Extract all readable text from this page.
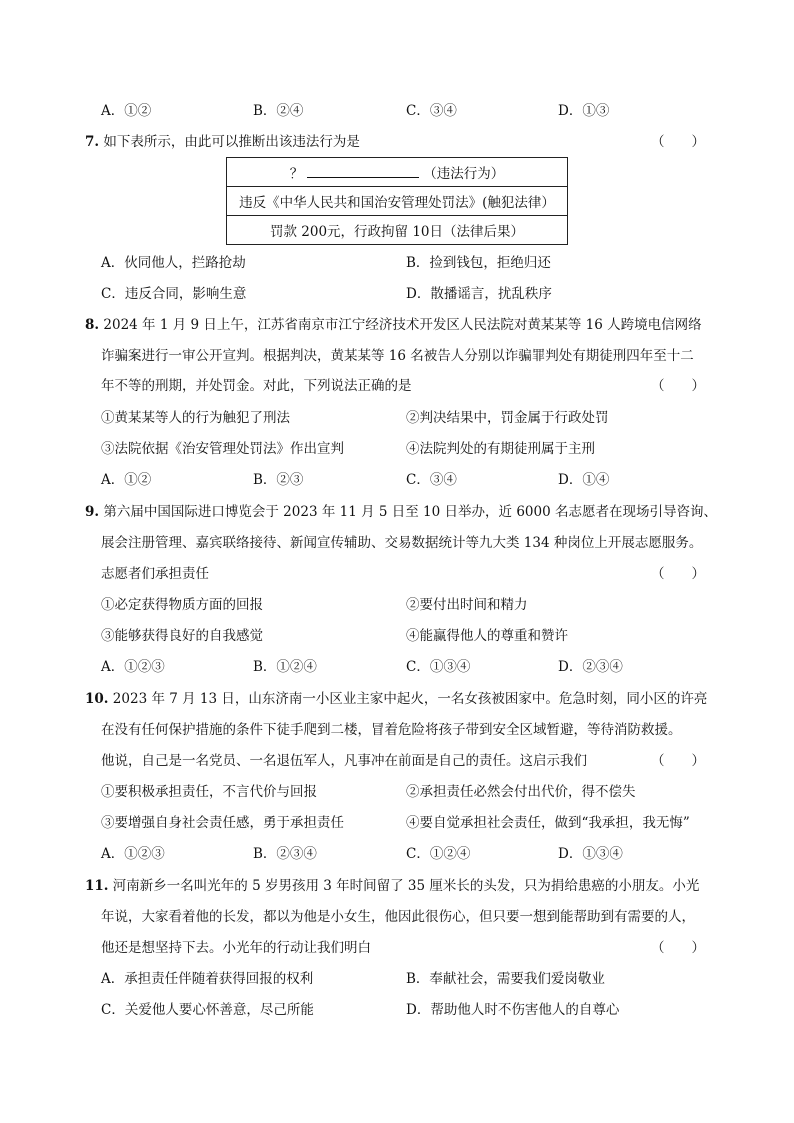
A．①②	B．②④	C．③④	D．①③
7. 如下表所示，由此可以推断出该违法行为是	（　　）
？	（违法行为）
违反《中华人民共和国治安管理处罚法》(触犯法律）
罚款 200元，行政拘留 10日（法律后果）
A．伙同他人，拦路抢劫	B．捡到钱包，拒绝归还
C．违反合同，影响生意	D．散播谣言，扰乱秩序
8. 2024 年 1 月 9 日上午，江苏省南京市江宁经济技术开发区人民法院对黄某某等 16 人跨境电信网络
诈骗案进行一审公开宣判。根据判决，黄某某等 16 名被告人分别以诈骗罪判处有期徒刑四年至十二
年不等的刑期，并处罚金。对此，下列说法正确的是	（　　）
①黄某某等人的行为触犯了刑法	②判决结果中，罚金属于行政处罚
③法院依据《治安管理处罚法》作出宣判	④法院判处的有期徒刑属于主刑
A．①②	B．②③	C．③④	D．①④
9. 第六届中国国际进口博览会于 2023 年 11 月 5 日至 10 日举办，近 6000 名志愿者在现场引导咨询、
展会注册管理、嘉宾联络接待、新闻宣传辅助、交易数据统计等九大类 134 种岗位上开展志愿服务。
志愿者们承担责任	（　　）
①必定获得物质方面的回报	②要付出时间和精力
③能够获得良好的自我感觉	④能赢得他人的尊重和赞许
A．①②③	B．①②④	C．①③④	D．②③④
10. 2023 年 7 月 13 日，山东济南一小区业主家中起火，一名女孩被困家中。危急时刻，同小区的许亮
在没有任何保护措施的条件下徒手爬到二楼，冒着危险将孩子带到安全区域暂避，等待消防救援。
他说，自己是一名党员、一名退伍军人，凡事冲在前面是自己的责任。这启示我们	（　　）
①要积极承担责任，不言代价与回报	②承担责任必然会付出代价，得不偿失
③要增强自身社会责任感，勇于承担责任	④要自觉承担社会责任，做到“我承担，我无悔”
A．①②③	B．②③④	C．①②④	D．①③④
11. 河南新乡一名叫光年的 5 岁男孩用 3 年时间留了 35 厘米长的头发，只为捐给患癌的小朋友。小光
年说，大家看着他的长发，都以为他是小女生，他因此很伤心，但只要一想到能帮助到有需要的人，
他还是想坚持下去。小光年的行动让我们明白	（　　）
A．承担责任伴随着获得回报的权利	B．奉献社会，需要我们爱岗敬业
C．关爱他人要心怀善意，尽己所能	D．帮助他人时不伤害他人的自尊心
